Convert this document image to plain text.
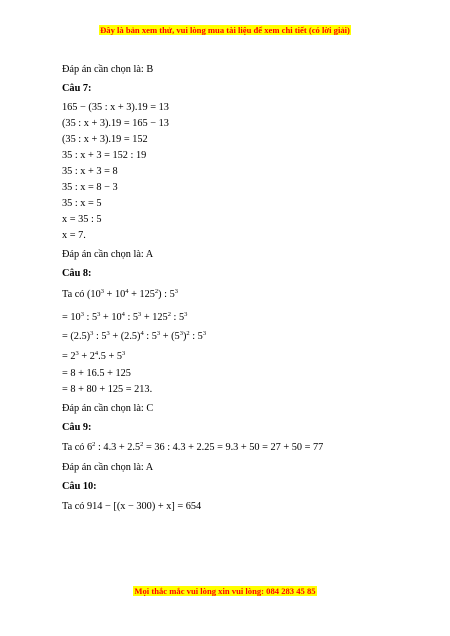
Đây là bản xem thử, vui lòng mua tài liệu để xem chi tiết (có lời giải)
Đáp án cần chọn là: B
Câu 7:
165 − (35 : x + 3).19 = 13
(35 : x + 3).19 = 165 − 13
(35 : x + 3).19 = 152
35 : x + 3 = 152 : 19
35 : x + 3 = 8
35 : x = 8 − 3
35 : x = 5
x = 35 : 5
x = 7.
Đáp án cần chọn là: A
Câu 8:
Ta có $(10^3 + 10^4 + 125^2)$ : $5^3$
= $10^3$ : $5^3 + 10^4$ : $5^3 + 125^2$ : $5^3$
= $(2.5)^3$ : $5^3 + (2.5)^4$ : $5^3 + (5^3)^2$ : $5^3$
= $2^3 + 2^4.5 + 5^3$
= 8 + 16.5 + 125
= 8 + 80 + 125 = 213.
Đáp án cần chọn là: C
Câu 9:
Ta có $6^2$ : $4.3 + 2.5^2 = 36$ : 4.3 + 2.25 = 9.3 + 50 = 27 + 50 = 77
Đáp án cần chọn là: A
Câu 10:
Ta có 914 − [(x − 300) + x] = 654
Mọi thắc mắc vui lòng xin vui lòng: 084 283 45 85
